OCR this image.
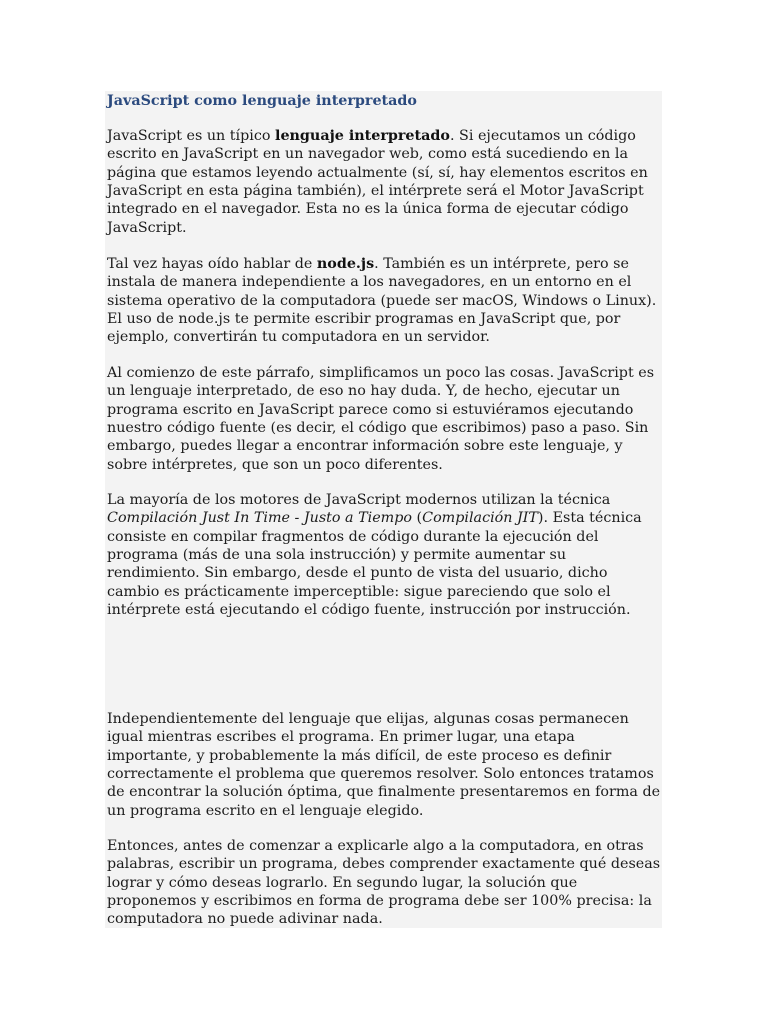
JavaScript como lenguaje interpretado

JavaScript es un típico lenguaje interpretado. Si ejecutamos un código escrito en JavaScript en un navegador web, como está sucediendo en la página que estamos leyendo actualmente (sí, sí, hay elementos escritos en JavaScript en esta página también), el intérprete será el Motor JavaScript integrado en el navegador. Esta no es la única forma de ejecutar código JavaScript.

Tal vez hayas oído hablar de node.js. También es un intérprete, pero se instala de manera independiente a los navegadores, en un entorno en el sistema operativo de la computadora (puede ser macOS, Windows o Linux). El uso de node.js te permite escribir programas en JavaScript que, por ejemplo, convertirán tu computadora en un servidor.

Al comienzo de este párrafo, simplificamos un poco las cosas. JavaScript es un lenguaje interpretado, de eso no hay duda. Y, de hecho, ejecutar un programa escrito en JavaScript parece como si estuviéramos ejecutando nuestro código fuente (es decir, el código que escribimos) paso a paso. Sin embargo, puedes llegar a encontrar información sobre este lenguaje, y sobre intérpretes, que son un poco diferentes.

La mayoría de los motores de JavaScript modernos utilizan la técnica Compilación Just In Time - Justo a Tiempo (Compilación JIT). Esta técnica consiste en compilar fragmentos de código durante la ejecución del programa (más de una sola instrucción) y permite aumentar su rendimiento. Sin embargo, desde el punto de vista del usuario, dicho cambio es prácticamente imperceptible: sigue pareciendo que solo el intérprete está ejecutando el código fuente, instrucción por instrucción.

Independientemente del lenguaje que elijas, algunas cosas permanecen igual mientras escribes el programa. En primer lugar, una etapa importante, y probablemente la más difícil, de este proceso es definir correctamente el problema que queremos resolver. Solo entonces tratamos de encontrar la solución óptima, que finalmente presentaremos en forma de un programa escrito en el lenguaje elegido.

Entonces, antes de comenzar a explicarle algo a la computadora, en otras palabras, escribir un programa, debes comprender exactamente qué deseas lograr y cómo deseas lograrlo. En segundo lugar, la solución que proponemos y escribimos en forma de programa debe ser 100% precisa: la computadora no puede adivinar nada.
